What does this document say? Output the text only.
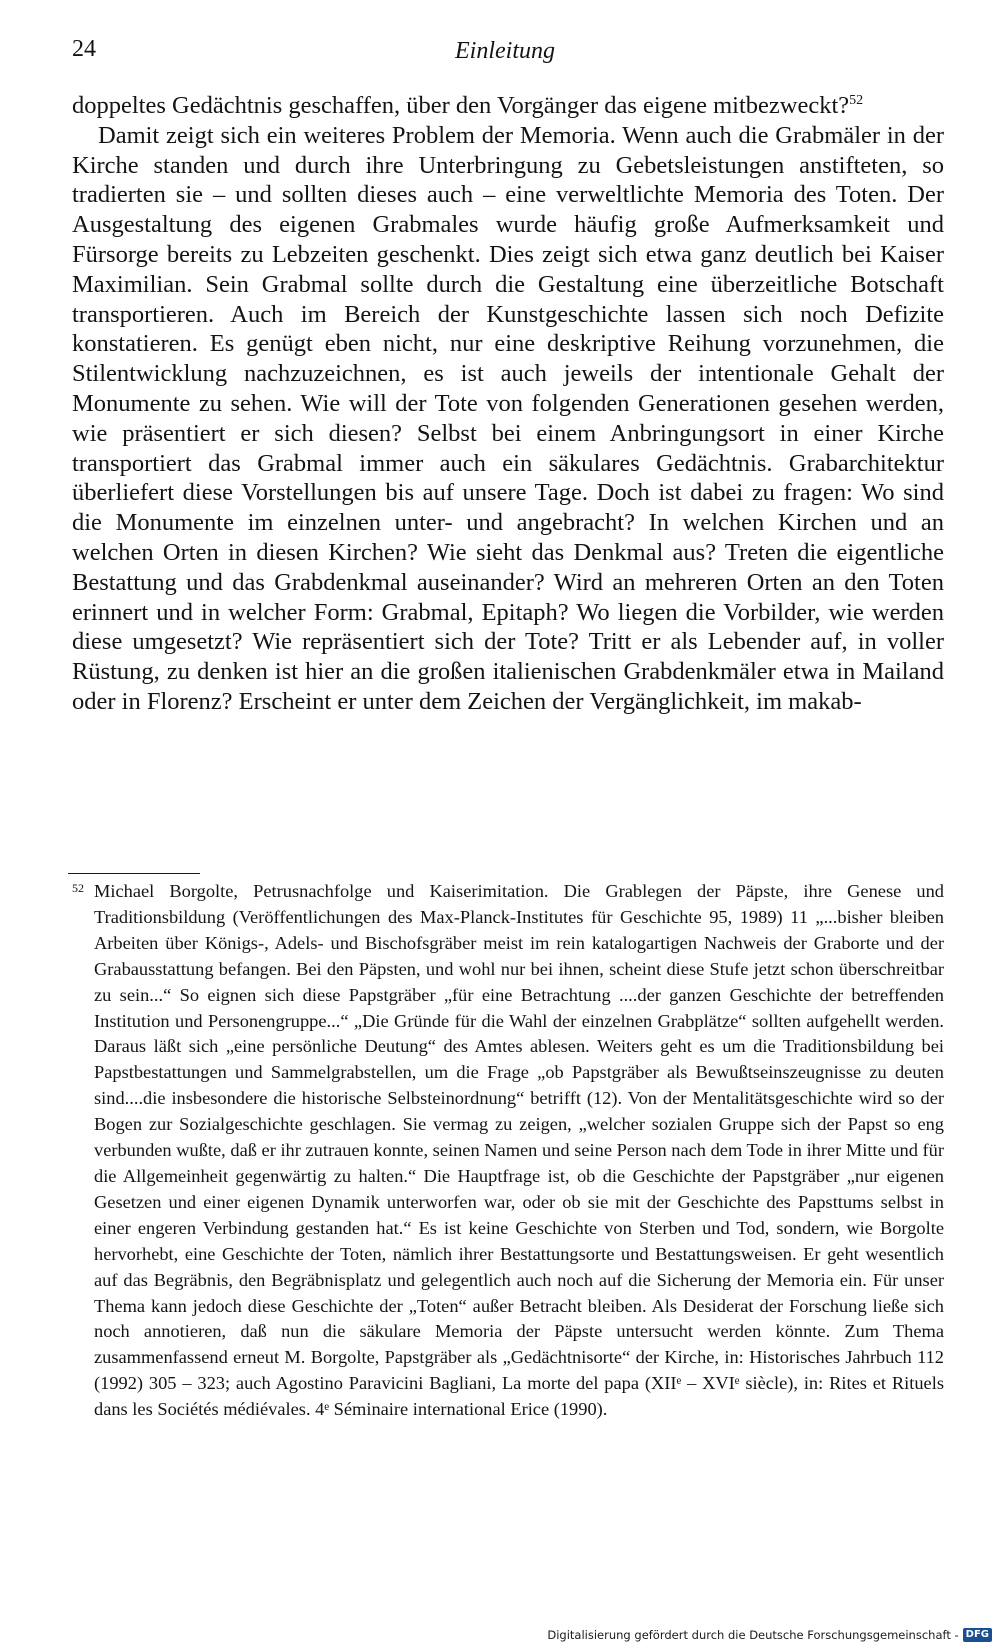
24	Einleitung

doppeltes Gedächtnis geschaffen, über den Vorgänger das eigene mitbezweckt?$^{52}$

Damit zeigt sich ein weiteres Problem der Memoria. Wenn auch die Grabmäler in der Kirche standen und durch ihre Unterbringung zu Gebetsleistungen anstifteten, so tradierten sie – und sollten dieses auch – eine verweltlichte Memoria des Toten. Der Ausgestaltung des eigenen Grabmales wurde häufig große Aufmerksamkeit und Fürsorge bereits zu Lebzeiten geschenkt. Dies zeigt sich etwa ganz deutlich bei Kaiser Maximilian. Sein Grabmal sollte durch die Gestaltung eine überzeitliche Botschaft transportieren. Auch im Bereich der Kunstgeschichte lassen sich noch Defizite konstatieren. Es genügt eben nicht, nur eine deskriptive Reihung vorzunehmen, die Stilentwicklung nachzuzeichnen, es ist auch jeweils der intentionale Gehalt der Monumente zu sehen. Wie will der Tote von folgenden Generationen gesehen werden, wie präsentiert er sich diesen? Selbst bei einem Anbringungsort in einer Kirche transportiert das Grabmal immer auch ein säkulares Gedächtnis. Grabarchitektur überliefert diese Vorstellungen bis auf unsere Tage. Doch ist dabei zu fragen: Wo sind die Monumente im einzelnen unter- und angebracht? In welchen Kirchen und an welchen Orten in diesen Kirchen? Wie sieht das Denkmal aus? Treten die eigentliche Bestattung und das Grabdenkmal auseinander? Wird an mehreren Orten an den Toten erinnert und in welcher Form: Grabmal, Epitaph? Wo liegen die Vorbilder, wie werden diese umgesetzt? Wie repräsentiert sich der Tote? Tritt er als Lebender auf, in voller Rüstung, zu denken ist hier an die großen italienischen Grabdenkmäler etwa in Mailand oder in Florenz? Erscheint er unter dem Zeichen der Vergänglichkeit, im makab-

52 Michael Borgolte, Petrusnachfolge und Kaiserimitation. Die Grablegen der Päpste, ihre Genese und Traditionsbildung (Veröffentlichungen des Max-Planck-Institutes für Geschichte 95, 1989) 11 „...bisher bleiben Arbeiten über Königs-, Adels- und Bischofsgräber meist im rein katalogartigen Nachweis der Graborte und der Grabausstattung befangen. Bei den Päpsten, und wohl nur bei ihnen, scheint diese Stufe jetzt schon überschreitbar zu sein...“ So eignen sich diese Papstgräber „für eine Betrachtung ....der ganzen Geschichte der betreffenden Institution und Personengruppe...“ „Die Gründe für die Wahl der einzelnen Grabplätze“ sollten aufgehellt werden. Daraus läßt sich „eine persönliche Deutung“ des Amtes ablesen. Weiters geht es um die Traditionsbildung bei Papstbestattungen und Sammelgrabstellen, um die Frage „ob Papstgräber als Bewußtseinszeugnisse zu deuten sind....die insbesondere die historische Selbsteinordnung“ betrifft (12). Von der Mentalitätsgeschichte wird so der Bogen zur Sozialgeschichte geschlagen. Sie vermag zu zeigen, „welcher sozialen Gruppe sich der Papst so eng verbunden wußte, daß er ihr zutrauen konnte, seinen Namen und seine Person nach dem Tode in ihrer Mitte und für die Allgemeinheit gegenwärtig zu halten.“ Die Hauptfrage ist, ob die Geschichte der Papstgräber „nur eigenen Gesetzen und einer eigenen Dynamik unterworfen war, oder ob sie mit der Geschichte des Papsttums selbst in einer engeren Verbindung gestanden hat.“ Es ist keine Geschichte von Sterben und Tod, sondern, wie Borgolte hervorhebt, eine Geschichte der Toten, nämlich ihrer Bestattungsorte und Bestattungsweisen. Er geht wesentlich auf das Begräbnis, den Begräbnisplatz und gelegentlich auch noch auf die Sicherung der Memoria ein. Für unser Thema kann jedoch diese Geschichte der „Toten“ außer Betracht bleiben. Als Desiderat der Forschung ließe sich noch annotieren, daß nun die säkulare Memoria der Päpste untersucht werden könnte. Zum Thema zusammenfassend erneut M. Borgolte, Papstgräber als „Gedächtnisorte“ der Kirche, in: Historisches Jahrbuch 112 (1992) 305 – 323; auch Agostino Paravicini Bagliani, La morte del papa (XIIᵉ – XVIᵉ siècle), in: Rites et Rituels dans les Sociétés médiévales. 4ᵉ Séminaire international Erice (1990).
Digitalisierung gefördert durch die Deutsche Forschungsgemeinschaft - DFG
